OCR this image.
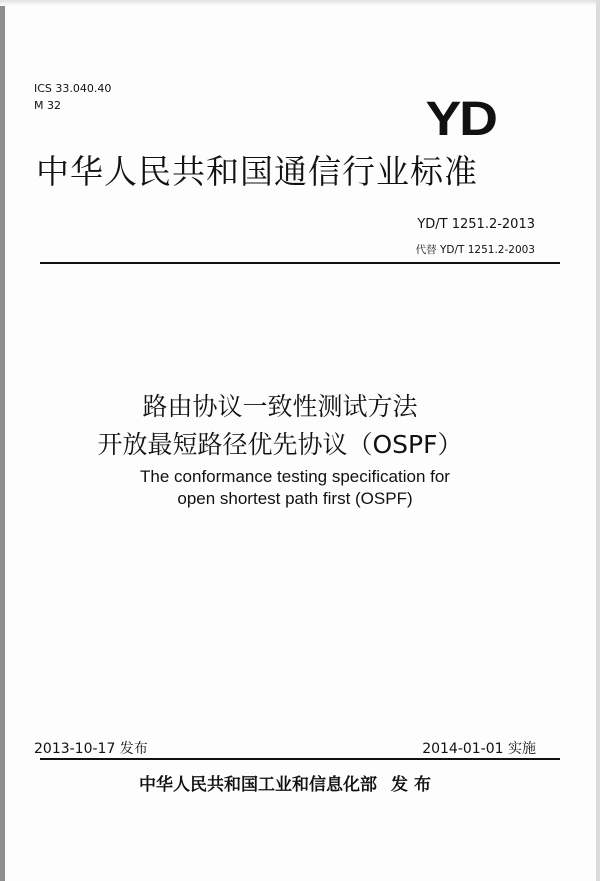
ICS 33.040.40
M 32	YD
中华人民共和国通信行业标准
YD/T 1251.2-2013
代替 YD/T 1251.2-2003
路由协议一致性测试方法
开放最短路径优先协议（OSPF）
The conformance testing specification for
open shortest path first (OSPF)
2013-10-17 发布	2014-01-01 实施
中华人民共和国工业和信息化部 发 布
